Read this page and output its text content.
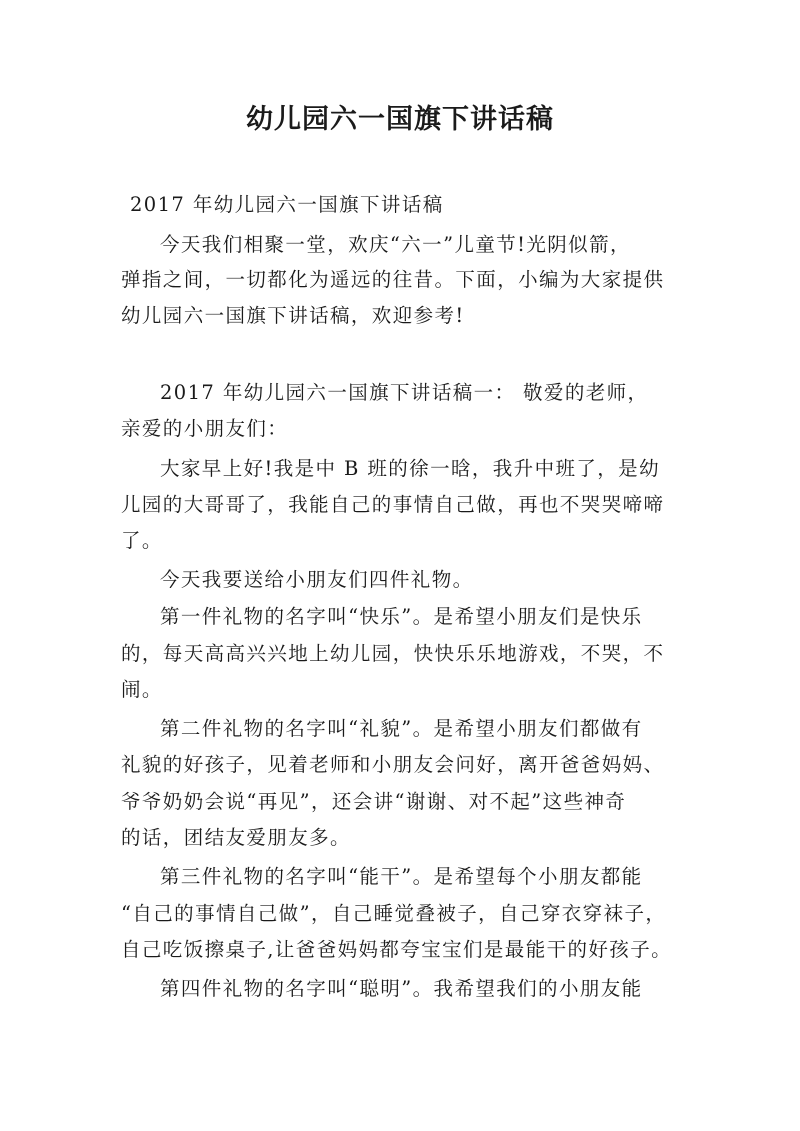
幼儿园六一国旗下讲话稿
2017 年幼儿园六一国旗下讲话稿
今天我们相聚一堂，欢庆“六一”儿童节!光阴似箭，
弹指之间，一切都化为遥远的往昔。下面，小编为大家提供
幼儿园六一国旗下讲话稿，欢迎参考!
2017 年幼儿园六一国旗下讲话稿一： 敬爱的老师，
亲爱的小朋友们：
大家早上好!我是中 B 班的徐一晗，我升中班了，是幼
儿园的大哥哥了，我能自己的事情自己做，再也不哭哭啼啼
了。
今天我要送给小朋友们四件礼物。
第一件礼物的名字叫“快乐”。是希望小朋友们是快乐
的，每天高高兴兴地上幼儿园，快快乐乐地游戏，不哭，不
闹。
第二件礼物的名字叫“礼貌”。是希望小朋友们都做有
礼貌的好孩子，见着老师和小朋友会问好，离开爸爸妈妈、
爷爷奶奶会说“再见”，还会讲“谢谢、对不起”这些神奇
的话，团结友爱朋友多。
第三件礼物的名字叫“能干”。是希望每个小朋友都能
“自己的事情自己做”，自己睡觉叠被子，自己穿衣穿袜子，
自己吃饭擦桌子,让爸爸妈妈都夸宝宝们是最能干的好孩子。
第四件礼物的名字叫“聪明”。我希望我们的小朋友能
